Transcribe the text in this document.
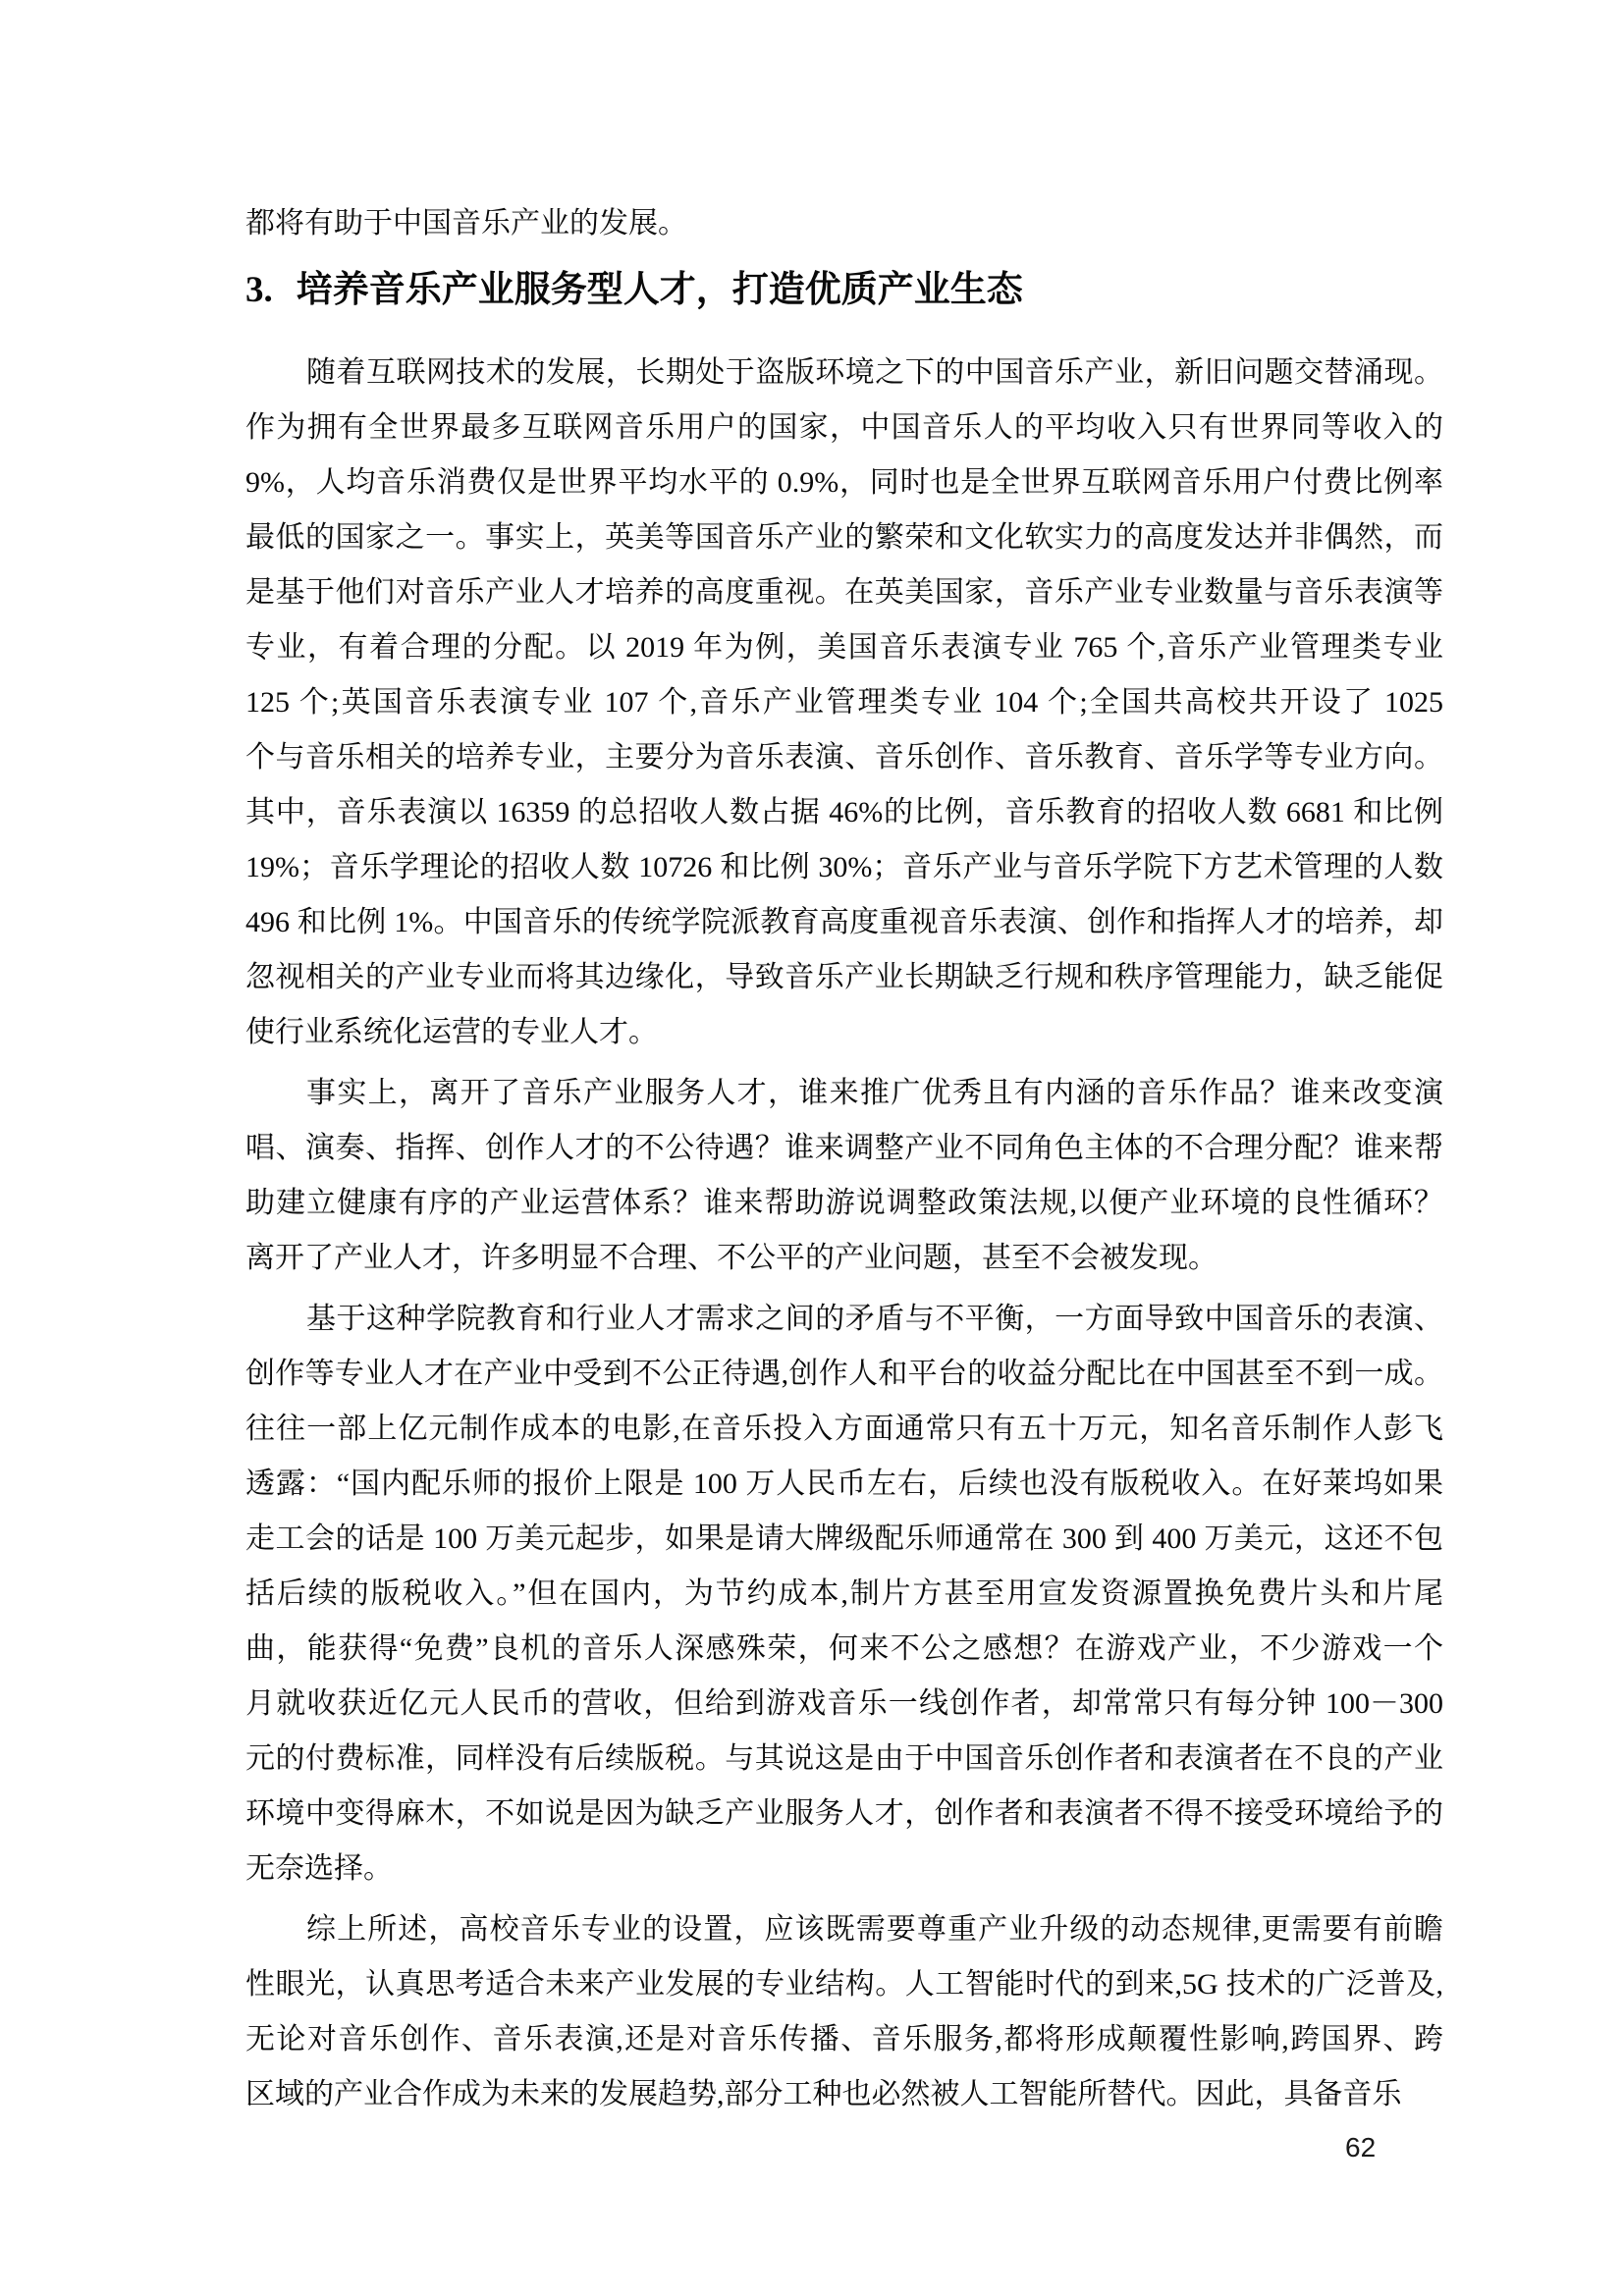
都将有助于中国音乐产业的发展。
3. 培养音乐产业服务型人才，打造优质产业生态
随着互联网技术的发展，长期处于盗版环境之下的中国音乐产业，新旧问题交替涌现。
作为拥有全世界最多互联网音乐用户的国家，中国音乐人的平均收入只有世界同等收入的
9%，人均音乐消费仅是世界平均水平的 0.9%，同时也是全世界互联网音乐用户付费比例率
最低的国家之一。事实上，英美等国音乐产业的繁荣和文化软实力的高度发达并非偶然，而
是基于他们对音乐产业人才培养的高度重视。在英美国家，音乐产业专业数量与音乐表演等
专业，有着合理的分配。以 2019 年为例，美国音乐表演专业 765 个,音乐产业管理类专业
125 个;英国音乐表演专业 107 个,音乐产业管理类专业 104 个;全国共高校共开设了 1025
个与音乐相关的培养专业，主要分为音乐表演、音乐创作、音乐教育、音乐学等专业方向。
其中，音乐表演以 16359 的总招收人数占据 46%的比例，音乐教育的招收人数 6681 和比例
19%；音乐学理论的招收人数 10726 和比例 30%；音乐产业与音乐学院下方艺术管理的人数
496 和比例 1%。中国音乐的传统学院派教育高度重视音乐表演、创作和指挥人才的培养，却
忽视相关的产业专业而将其边缘化，导致音乐产业长期缺乏行规和秩序管理能力，缺乏能促
使行业系统化运营的专业人才。
事实上，离开了音乐产业服务人才，谁来推广优秀且有内涵的音乐作品？谁来改变演
唱、演奏、指挥、创作人才的不公待遇？谁来调整产业不同角色主体的不合理分配？谁来帮
助建立健康有序的产业运营体系？谁来帮助游说调整政策法规,以便产业环境的良性循环？
离开了产业人才，许多明显不合理、不公平的产业问题，甚至不会被发现。
基于这种学院教育和行业人才需求之间的矛盾与不平衡，一方面导致中国音乐的表演、
创作等专业人才在产业中受到不公正待遇,创作人和平台的收益分配比在中国甚至不到一成。
往往一部上亿元制作成本的电影,在音乐投入方面通常只有五十万元，知名音乐制作人彭飞
透露：“国内配乐师的报价上限是 100 万人民币左右，后续也没有版税收入。在好莱坞如果
走工会的话是 100 万美元起步，如果是请大牌级配乐师通常在 300 到 400 万美元，这还不包
括后续的版税收入。”但在国内，为节约成本,制片方甚至用宣发资源置换免费片头和片尾
曲，能获得“免费”良机的音乐人深感殊荣，何来不公之感想？在游戏产业，不少游戏一个
月就收获近亿元人民币的营收，但给到游戏音乐一线创作者，却常常只有每分钟 100－300
元的付费标准，同样没有后续版税。与其说这是由于中国音乐创作者和表演者在不良的产业
环境中变得麻木，不如说是因为缺乏产业服务人才，创作者和表演者不得不接受环境给予的
无奈选择。
综上所述，高校音乐专业的设置，应该既需要尊重产业升级的动态规律,更需要有前瞻
性眼光，认真思考适合未来产业发展的专业结构。人工智能时代的到来,5G 技术的广泛普及,
无论对音乐创作、音乐表演,还是对音乐传播、音乐服务,都将形成颠覆性影响,跨国界、跨
区域的产业合作成为未来的发展趋势,部分工种也必然被人工智能所替代。因此，具备音乐
62
